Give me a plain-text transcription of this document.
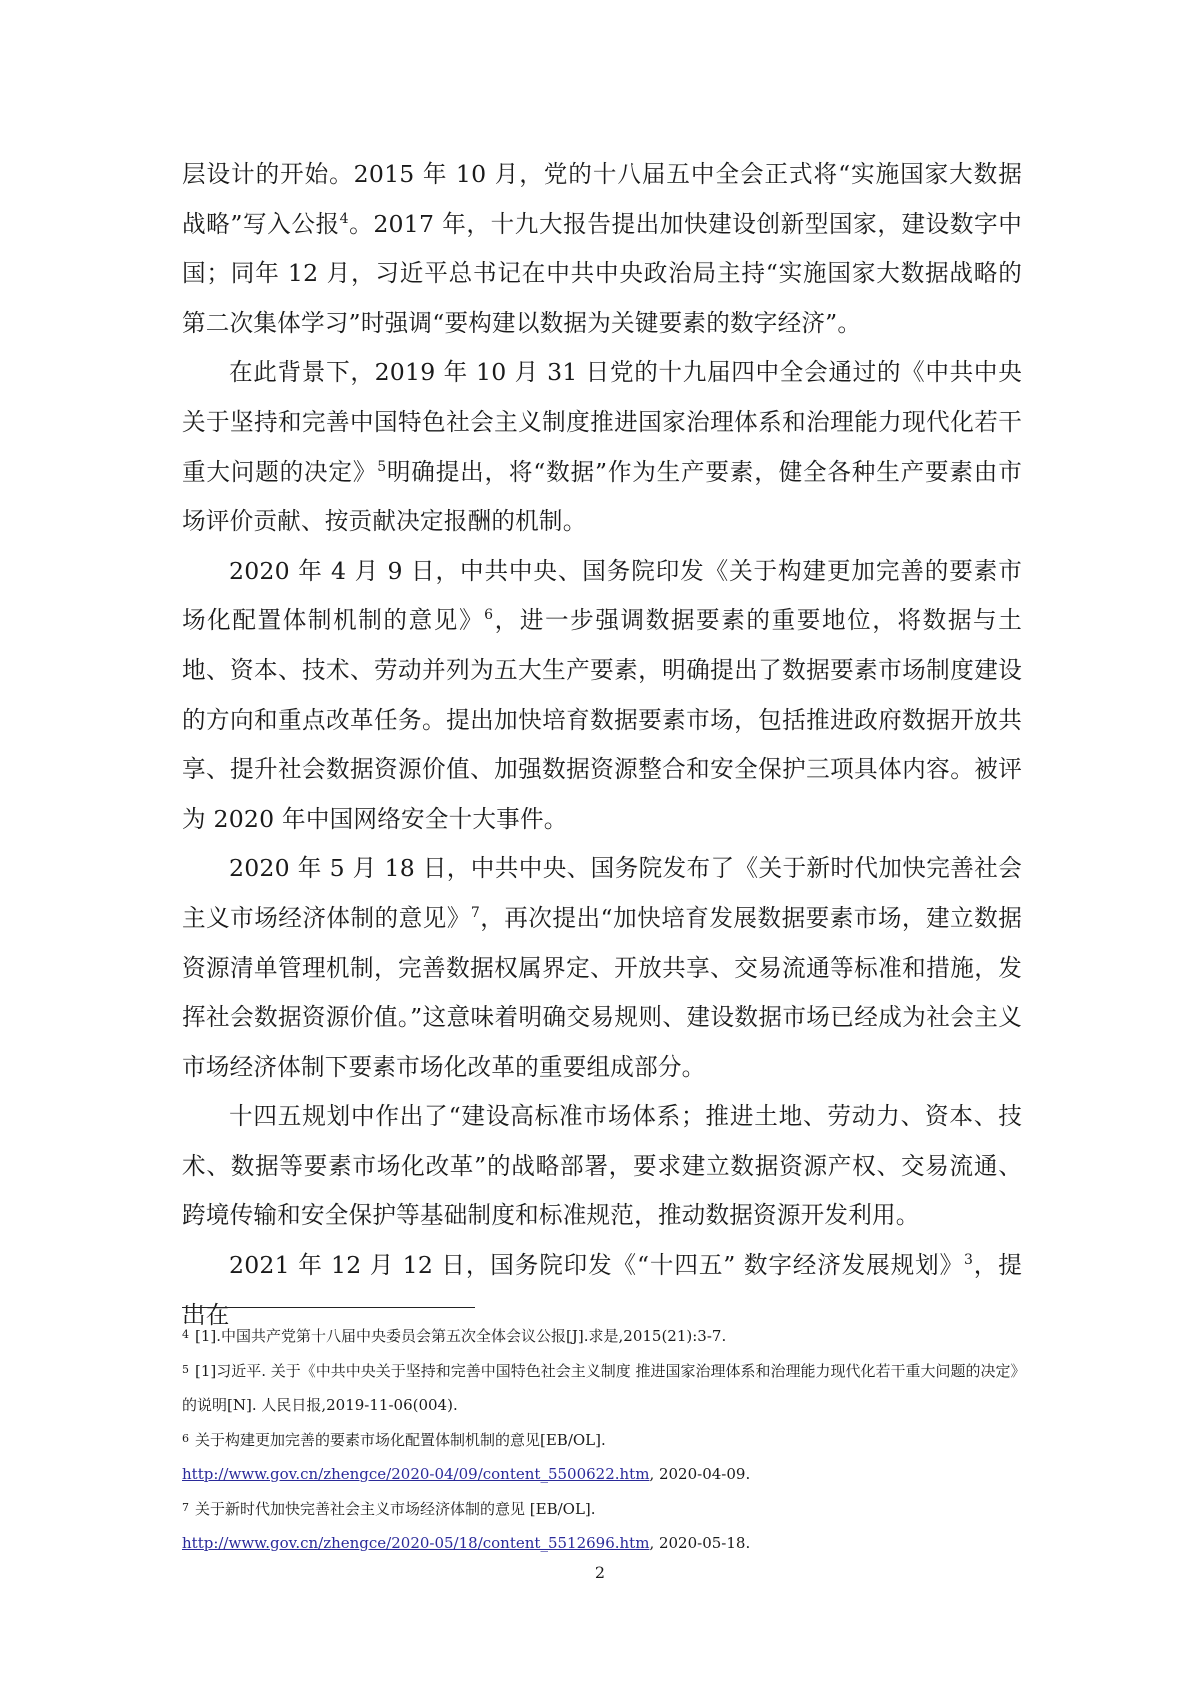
层设计的开始。2015 年 10 月，党的十八届五中全会正式将“实施国家大数据战略”写入公报$^4$。2017 年，十九大报告提出加快建设创新型国家，建设数字中国；同年 12 月，习近平总书记在中共中央政治局主持“实施国家大数据战略的第二次集体学习”时强调“要构建以数据为关键要素的数字经济”。

在此背景下，2019 年 10 月 31 日党的十九届四中全会通过的《中共中央关于坚持和完善中国特色社会主义制度推进国家治理体系和治理能力现代化若干重大问题的决定》$^5$明确提出，将“数据”作为生产要素，健全各种生产要素由市场评价贡献、按贡献决定报酬的机制。

2020 年 4 月 9 日，中共中央、国务院印发《关于构建更加完善的要素市场化配置体制机制的意见》$^6$，进一步强调数据要素的重要地位，将数据与土地、资本、技术、劳动并列为五大生产要素，明确提出了数据要素市场制度建设的方向和重点改革任务。提出加快培育数据要素市场，包括推进政府数据开放共享、提升社会数据资源价值、加强数据资源整合和安全保护三项具体内容。被评为 2020 年中国网络安全十大事件。

2020 年 5 月 18 日，中共中央、国务院发布了《关于新时代加快完善社会主义市场经济体制的意见》$^7$，再次提出“加快培育发展数据要素市场，建立数据资源清单管理机制，完善数据权属界定、开放共享、交易流通等标准和措施，发挥社会数据资源价值。”这意味着明确交易规则、建设数据市场已经成为社会主义市场经济体制下要素市场化改革的重要组成部分。

十四五规划中作出了“建设高标准市场体系；推进土地、劳动力、资本、技术、数据等要素市场化改革”的战略部署，要求建立数据资源产权、交易流通、跨境传输和安全保护等基础制度和标准规范，推动数据资源开发利用。

2021 年 12 月 12 日，国务院印发《“十四五” 数字经济发展规划》$^3$，提出在

$^4$ [1].中国共产党第十八届中央委员会第五次全体会议公报[J].求是,2015(21):3-7.

$^5$ [1]习近平. 关于《中共中央关于坚持和完善中国特色社会主义制度 推进国家治理体系和治理能力现代化若干重大问题的决定》的说明[N]. 人民日报,2019-11-06(004).

$^6$ 关于构建更加完善的要素市场化配置体制机制的意见[EB/OL].

http://www.gov.cn/zhengce/2020-04/09/content_5500622.htm, 2020-04-09.

$^7$ 关于新时代加快完善社会主义市场经济体制的意见 [EB/OL].

http://www.gov.cn/zhengce/2020-05/18/content_5512696.htm, 2020-05-18.

2
